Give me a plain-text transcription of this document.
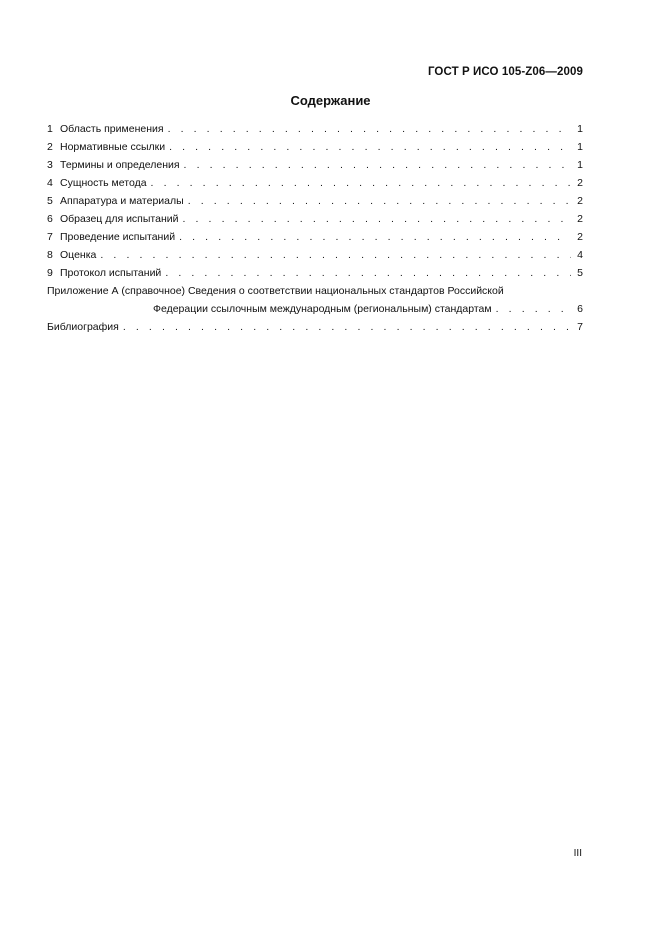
ГОСТ Р ИСО 105-Z06—2009
Содержание
1 Область применения . . .	1
2 Нормативные ссылки . . .	1
3 Термины и определения . . .	1
4 Сущность метода . . .	2
5 Аппаратура и материалы . . .	2
6 Образец для испытаний . . .	2
7 Проведение испытаний . . .	2
8 Оценка . . .	4
9 Протокол испытаний . . .	5
Приложение А (справочное) Сведения о соответствии национальных стандартов Российской
Федерации ссылочным международным (региональным) стандартам . . .	6
Библиография . . .	7
III
